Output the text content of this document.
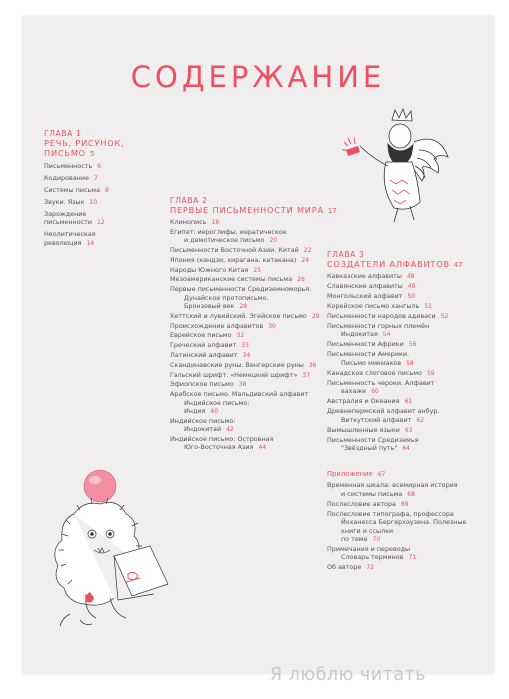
СОДЕРЖАНИЕ
ГЛАВА 1
РЕЧЬ, РИСУНОК,
ПИСЬМО 5
Письменность 6
Кодирование 7
Системы письма 8
Звуки. Язык 10
Зарождение
письменности 12
Неолитическая
революция 14
ГЛАВА 2
ПЕРВЫЕ ПИСЬМЕННОСТИ МИРА 17
Клинопись 18
Египет: иероглифы, иератическое
и демотическое письмо 20
Письменности Восточной Азии. Китай 22
Япония (кандзи, хирагана, катакана) 24
Народы Южного Китая 25
Мезоамериканские системы письма 26
Первые письменности Средиземноморья.
Дунайское протописьмо.
Бронзовый век 28
Хеттский и лувийский. Эгейское письмо 29
Происхождение алфавитов 30
Еврейское письмо 32
Греческий алфавит 33
Латинский алфавит 34
Скандинавские руны. Венгерские руны 36
Гэльский шрифт. «Немецкий шрифт» 37
Эфиопское письмо 38
Арабское письмо. Мальдивский алфавит
Индийское письмо:
Индия 40
Индийское письмо:
Индокитай 42
Индийское письмо: Островная
Юго-Восточная Азия 44
ГЛАВА 3
СОЗДАТЕЛИ АЛФАВИТОВ 47
Кавказские алфавиты 48
Славянские алфавиты 49
Монгольский алфавит 50
Корейское письмо хангыль 51
Письменности народов адиваси 52
Письменности горных племён
Индокитая 54
Письменности Африки 56
Письменности Америки.
Письмо микмаков 58
Канадское слоговое письмо 59
Письменность чероки. Алфавит
вахаже 60
Австралия и Океания 61
Древнепермский алфавит анбур.
Виткутский алфавит 62
Вымышленные языки 63
Письменности Средиземья
"Звёздный путь" 64
Приложение 67
Временная шкала: всемирная история
и системы письма 68
Послесловие автора 69
Послесловие типографа, профессора
Йоханесса Бергерхаузена. Полезные
книги и ссылки
по теме 70
Примечания и переводы
Словарь терминов 71
Об авторе 72
Я люблю читать
